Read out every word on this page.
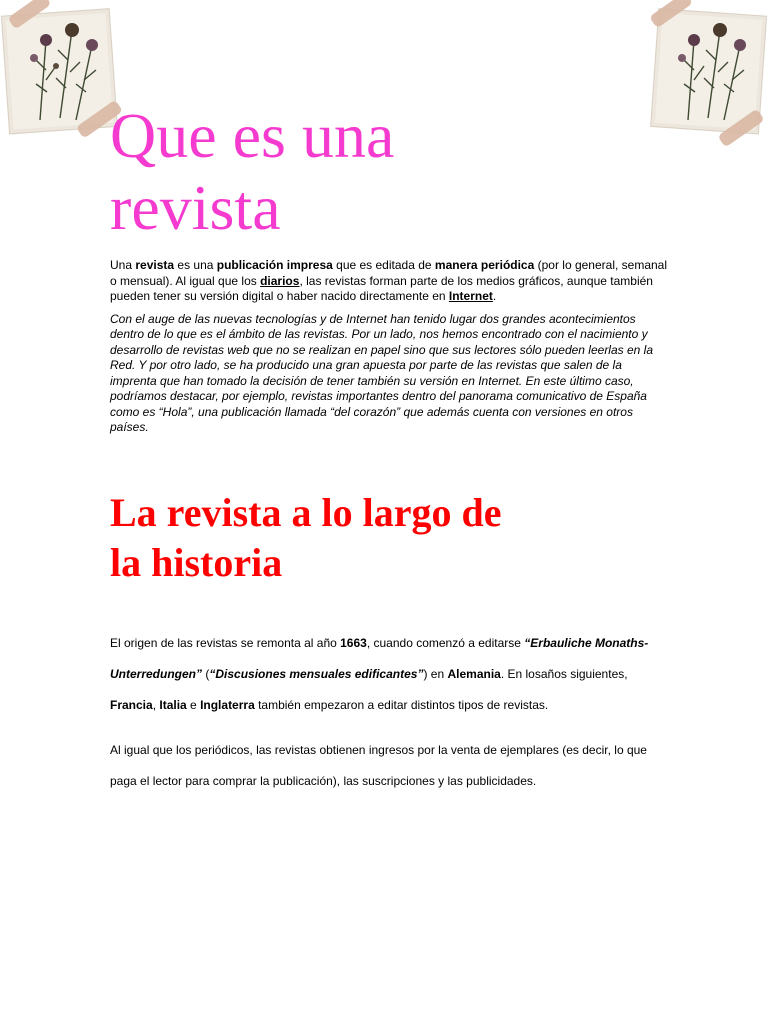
Que es una
revista

Una revista es una publicación impresa que es editada de manera periódica (por lo general, semanal o mensual). Al igual que los diarios, las revistas forman parte de los medios gráficos, aunque también pueden tener su versión digital o haber nacido directamente en Internet.

Con el auge de las nuevas tecnologías y de Internet han tenido lugar dos grandes acontecimientos dentro de lo que es el ámbito de las revistas. Por un lado, nos hemos encontrado con el nacimiento y desarrollo de revistas web que no se realizan en papel sino que sus lectores sólo pueden leerlas en la Red. Y por otro lado, se ha producido una gran apuesta por parte de las revistas que salen de la imprenta que han tomado la decisión de tener también su versión en Internet. En este último caso, podríamos destacar, por ejemplo, revistas importantes dentro del panorama comunicativo de España como es “Hola”, una publicación llamada “del corazón” que además cuenta con versiones en otros países.

La revista a lo largo de
la historia

El origen de las revistas se remonta al año 1663, cuando comenzó a editarse “Erbauliche Monaths-Unterredungen” (“Discusiones mensuales edificantes”) en Alemania. En losaños siguientes, Francia, Italia e Inglaterra también empezaron a editar distintos tipos de revistas.

Al igual que los periódicos, las revistas obtienen ingresos por la venta de ejemplares (es decir, lo que paga el lector para comprar la publicación), las suscripciones y las publicidades.
